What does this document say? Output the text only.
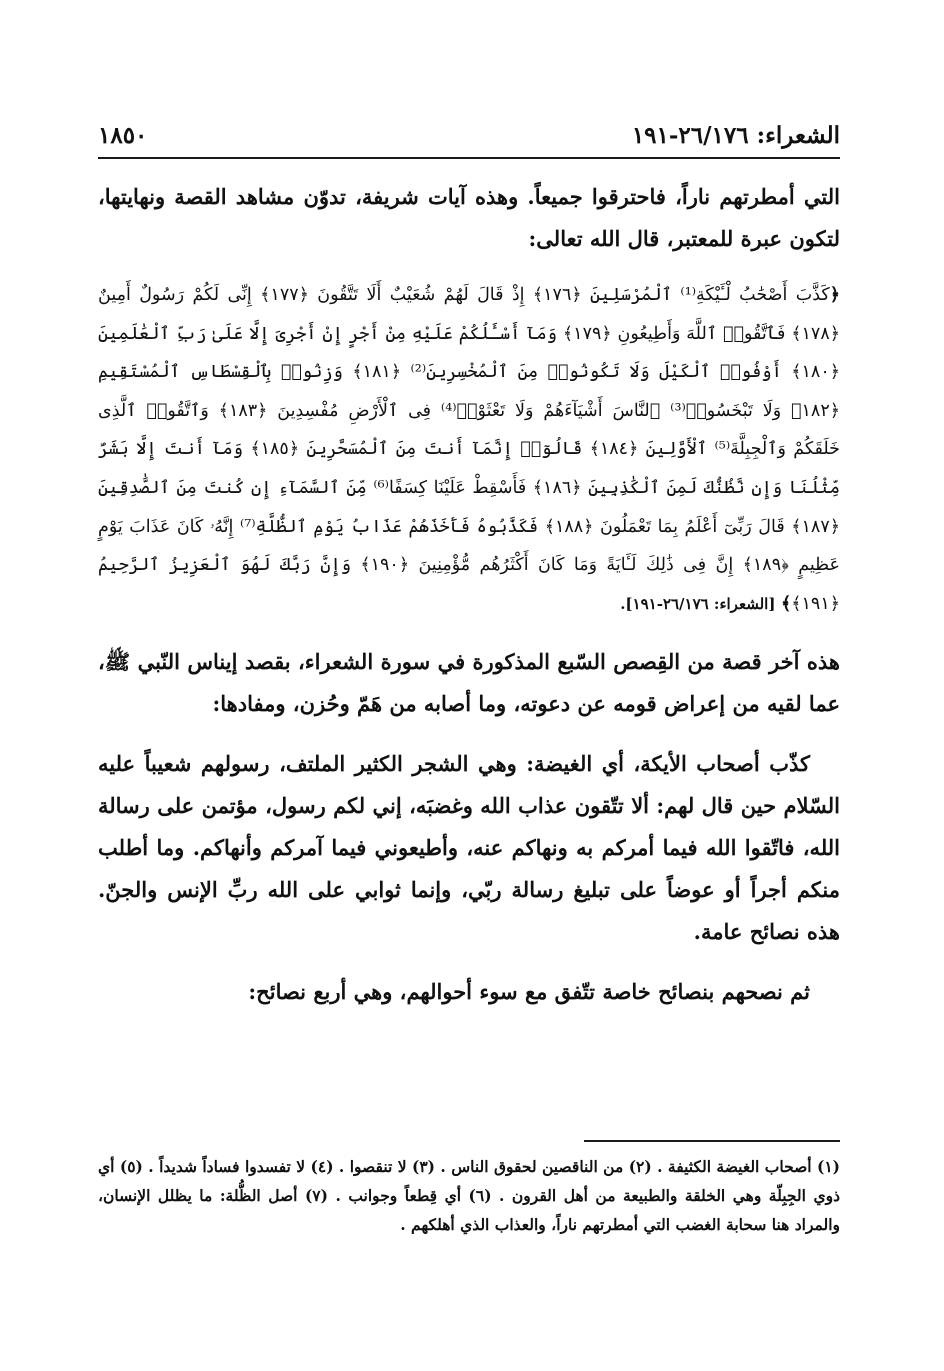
الشعراء: ٢٦/١٧٦-١٩١
١٨٥٠

التي أمطرتهم ناراً، فاحترقوا جميعاً. وهذه آيات شريفة، تدوّن مشاهد القصة ونهايتها، لتكون عبرة للمعتبر، قال الله تعالى:

﴿كَذَّبَ أَصْحَٰبُ لْـَٔيْكَةِ⁽¹⁾ ٱلْمُرْسَلِينَ ﴿١٧٦﴾ إِذْ قَالَ لَهُمْ شُعَيْبٌ أَلَا تَتَّقُونَ ﴿١٧٧﴾ إِنِّى لَكُمْ رَسُولٌ أَمِينٌ ﴿١٧٨﴾ فَٱتَّقُوا۟ ٱللَّهَ وَأَطِيعُونِ ﴿١٧٩﴾ وَمَآ أَسْـَٔلُكُمْ عَلَيْهِ مِنْ أَجْرٍ إِنْ أَجْرِىَ إِلَّا عَلَىٰ رَبِّ ٱلْعَٰلَمِينَ ﴿١٨٠﴾ أَوْفُوا۟ ٱلْكَيْلَ وَلَا تَكُونُوا۟ مِنَ ٱلْمُخْسِرِينَ⁽²⁾ ﴿١٨١﴾ وَزِنُوا۟ بِٱلْقِسْطَاسِ ٱلْمُسْتَقِيمِ ﴿١٨٢﴾ وَلَا تَبْخَسُوا۟⁽³⁾ ٱلنَّاسَ أَشْيَآءَهُمْ وَلَا تَعْثَوْا۟⁽⁴⁾ فِى ٱلْأَرْضِ مُفْسِدِينَ ﴿١٨٣﴾ وَٱتَّقُوا۟ ٱلَّذِى خَلَقَكُمْ وَٱلْجِبِلَّةَ⁽⁵⁾ ٱلْأَوَّلِينَ ﴿١٨٤﴾ قَالُوٓا۟ إِنَّمَآ أَنتَ مِنَ ٱلْمُسَحَّرِينَ ﴿١٨٥﴾ وَمَآ أَنتَ إِلَّا بَشَرٌ مِّثْلُنَا وَإِن نَّظُنُّكَ لَمِنَ ٱلْكَٰذِبِينَ ﴿١٨٦﴾ فَأَسْقِطْ عَلَيْنَا كِسَفًا⁽⁶⁾ مِّنَ ٱلسَّمَآءِ إِن كُنتَ مِنَ ٱلصَّٰدِقِينَ ﴿١٨٧﴾ قَالَ رَبِّىٓ أَعْلَمُ بِمَا تَعْمَلُونَ ﴿١٨٨﴾ فَكَذَّبُوهُ فَأَخَذَهُمْ عَذَابُ يَوْمِ ٱلظُّلَّةِ⁽⁷⁾ إِنَّهُۥ كَانَ عَذَابَ يَوْمٍ عَظِيمٍ ﴿١٨٩﴾ إِنَّ فِى ذَٰلِكَ لَـَٔايَةً وَمَا كَانَ أَكْثَرُهُم مُّؤْمِنِينَ ﴿١٩٠﴾ وَإِنَّ رَبَّكَ لَهُوَ ٱلْعَزِيزُ ٱلرَّحِيمُ ﴿١٩١﴾﴾ [الشعراء: ٢٦/١٧٦-١٩١].

هذه آخر قصة من القِصص السّبع المذكورة في سورة الشعراء، بقصد إيناس النّبي ﷺ، عما لقيه من إعراض قومه عن دعوته، وما أصابه من هَمّ وحُزن، ومفادها:

كذّب أصحاب الأيكة، أي الغيضة: وهي الشجر الكثير الملتف، رسولهم شعيباً عليه السّلام حين قال لهم: ألا تتّقون عذاب الله وغضبَه، إني لكم رسول، مؤتمن على رسالة الله، فاتّقوا الله فيما أمركم به ونهاكم عنه، وأطيعوني فيما آمركم وأنهاكم. وما أطلب منكم أجراً أو عوضاً على تبليغ رسالة ربّي، وإنما ثوابي على الله ربِّ الإنس والجنّ. هذه نصائح عامة.

ثم نصحهم بنصائح خاصة تتّفق مع سوء أحوالهم، وهي أربع نصائح:

(١) أصحاب الغيضة الكثيفة . (٢) من الناقصين لحقوق الناس . (٣) لا تنقصوا . (٤) لا تفسدوا فساداً شديداً . (٥) أي ذوي الجِبِلّة وهي الخلقة والطبيعة من أهل القرون . (٦) أي قِطعاً وجوانب . (٧) أصل الظُّلة: ما يظلل الإنسان، والمراد هنا سحابة الغضب التي أمطرتهم ناراً، والعذاب الذي أهلكهم .
